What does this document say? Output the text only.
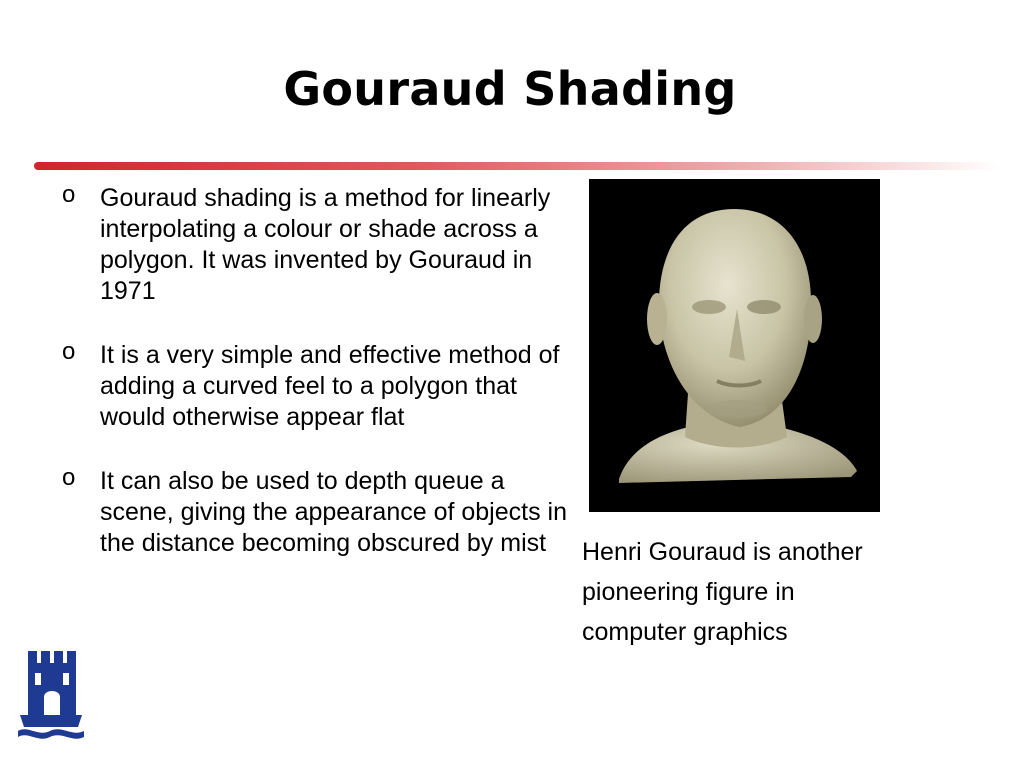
Gouraud Shading
o Gouraud shading is a method for linearly interpolating a colour or shade across a polygon. It was invented by Gouraud in 1971
o It is a very simple and effective method of adding a curved feel to a polygon that would otherwise appear flat
o It can also be used to depth queue a scene, giving the appearance of objects in the distance becoming obscured by mist	Henri Gouraud is another
pioneering figure in
computer graphics
